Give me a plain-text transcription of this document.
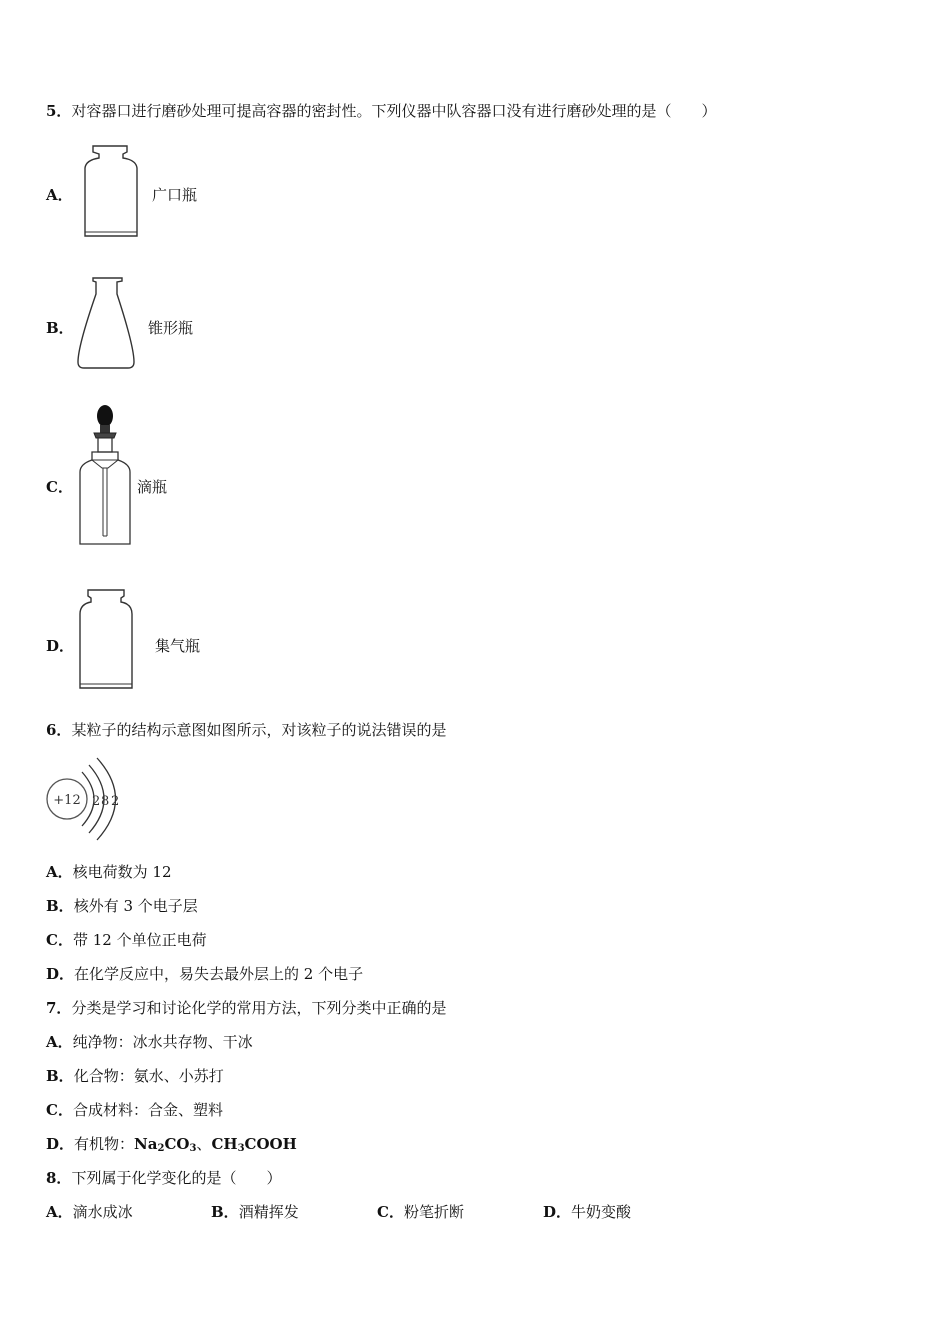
5．对容器口进行磨砂处理可提高容器的密封性。下列仪器中队容器口没有进行磨砂处理的是（　　）
A．	广口瓶
B．	锥形瓶
C．	滴瓶
D．	集气瓶
6．某粒子的结构示意图如图所示，对该粒子的说法错误的是
+12 2 8 2
A．核电荷数为 12
B．核外有 3 个电子层
C．带 12 个单位正电荷
D．在化学反应中，易失去最外层上的 2 个电子
7．分类是学习和讨论化学的常用方法，下列分类中正确的是
A．纯净物：冰水共存物、干冰
B．化合物：氨水、小苏打
C．合成材料：合金、塑料
D．有机物：$Na_2CO_3$、$CH_3COOH$
8．下列属于化学变化的是（　　）
A．滴水成冰	B．酒精挥发	C．粉笔折断	D．牛奶变酸
